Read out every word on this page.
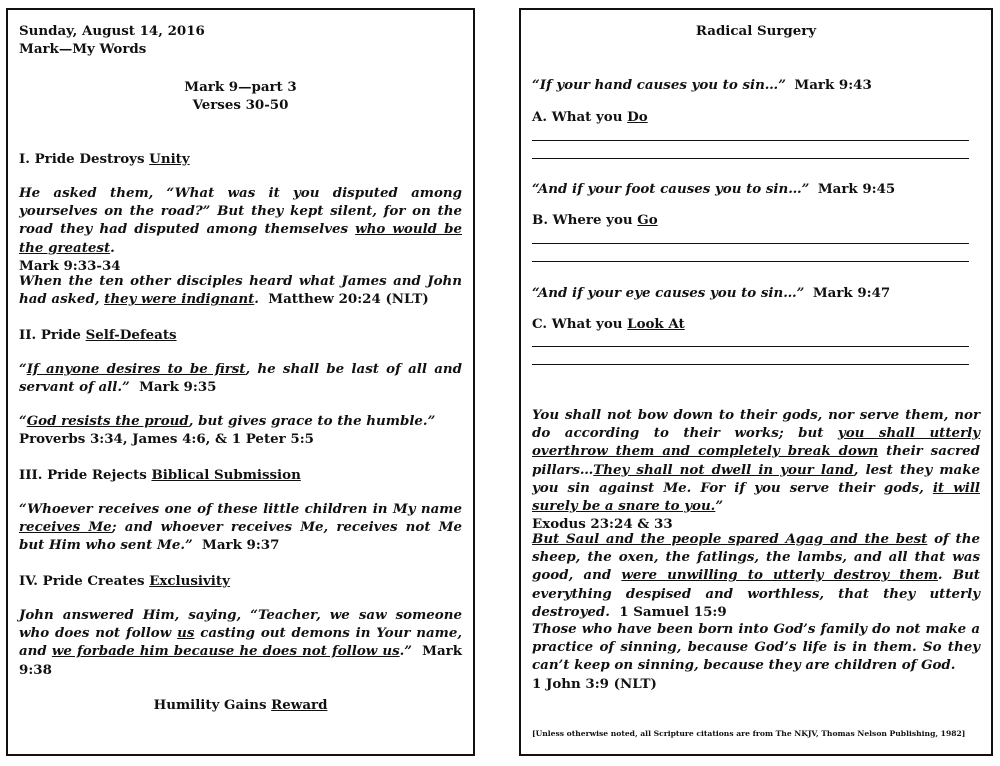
Sunday, August 14, 2016

Mark—My Words

Mark 9—part 3

Verses 30-50

I. Pride Destroys Unity

He asked them, “What was it you disputed among yourselves on the road?” But they kept silent, for on the road they had disputed among themselves who would be the greatest.
Mark 9:33-34

When the ten other disciples heard what James and John had asked, they were indignant. Matthew 20:24 (NLT)

II. Pride Self-Defeats

“If anyone desires to be first, he shall be last of all and servant of all.” Mark 9:35

“God resists the proud, but gives grace to the humble.”
Proverbs 3:34, James 4:6, & 1 Peter 5:5

III. Pride Rejects Biblical Submission

“Whoever receives one of these little children in My name receives Me; and whoever receives Me, receives not Me but Him who sent Me.” Mark 9:37

IV. Pride Creates Exclusivity

John answered Him, saying, “Teacher, we saw someone who does not follow us casting out demons in Your name, and we forbade him because he does not follow us.” Mark 9:38

Humility Gains Reward

Radical Surgery

“If your hand causes you to sin…” Mark 9:43

A. What you Do

“And if your foot causes you to sin…” Mark 9:45

B. Where you Go

“And if your eye causes you to sin…” Mark 9:47

C. What you Look At

You shall not bow down to their gods, nor serve them, nor do according to their works; but you shall utterly overthrow them and completely break down their sacred pillars…They shall not dwell in your land, lest they make you sin against Me. For if you serve their gods, it will surely be a snare to you.”
Exodus 23:24 & 33

But Saul and the people spared Agag and the best of the sheep, the oxen, the fatlings, the lambs, and all that was good, and were unwilling to utterly destroy them. But everything despised and worthless, that they utterly destroyed. 1 Samuel 15:9

Those who have been born into God’s family do not make a practice of sinning, because God’s life is in them. So they can’t keep on sinning, because they are children of God.
1 John 3:9 (NLT)

[Unless otherwise noted, all Scripture citations are from The NKJV, Thomas Nelson Publishing, 1982]
